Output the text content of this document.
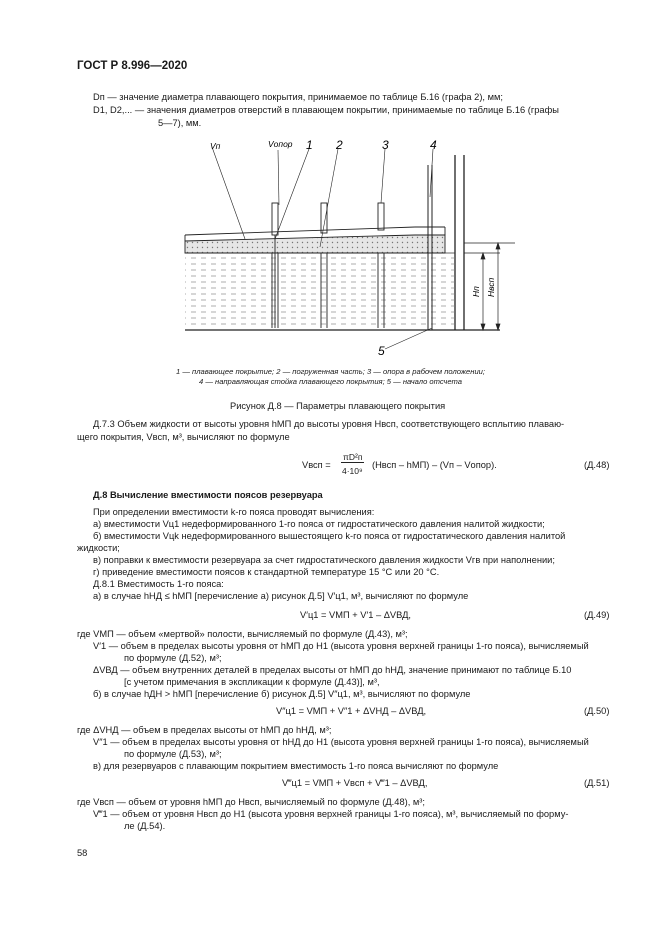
ГОСТ Р 8.996—2020
Dп — значение диаметра плавающего покрытия, принимаемое по таблице Б.16 (графа 2), мм;
D1, D2,... — значения диаметров отверстий в плавающем покрытии, принимаемые по таблице Б.16 (графы
5—7), мм.
Vп	Vопор 1 2	3	4
5
Hп Hвсп
1 — плавающее покрытие; 2 — погруженная часть; 3 — опора в рабочем положении;
4 — направляющая стойка плавающего покрытия; 5 — начало отсчета
Рисунок Д.8 — Параметры плавающего покрытия
Д.7.3 Объем жидкости от высоты уровня hМП до высоты уровня Hвсп, соответствующего всплытию плаваю-
щего покрытия, Vвсп, м³, вычисляют по формуле
Vвсп =
πD²п
4·10⁹
(Hвсп – hМП) – (Vп – Vопор).	(Д.48)
Д.8 Вычисление вместимости поясов резервуара
При определении вместимости k-го пояса проводят вычисления:
а) вместимости Vц1 недеформированного 1-го пояса от гидростатического давления налитой жидкости;
б) вместимости Vцk недеформированного вышестоящего k-го пояса от гидростатического давления налитой
жидкости;
в) поправки к вместимости резервуара за счет гидростатического давления жидкости Vгв при наполнении;
г) приведение вместимости поясов к стандартной температуре 15 °С или 20 °С.
Д.8.1 Вместимость 1-го пояса:
а) в случае hНД ≤ hМП [перечисление а) рисунок Д.5] V′ц1, м³, вычисляют по формуле
V′ц1 = VМП + V′1 – ΔVВД,	(Д.49)
где VМП — объем «мертвой» полости, вычисляемый по формуле (Д.43), м³;
V′1 — объем в пределах высоты уровня от hМП до H1 (высота уровня верхней границы 1-го пояса), вычисляемый
по формуле (Д.52), м³;
ΔVВД — объем внутренних деталей в пределах высоты от hМП до hНД, значение принимают по таблице Б.10
[с учетом примечания в экспликации к формуле (Д.43)], м³,
б) в случае hДН > hМП [перечисление б) рисунок Д.5] V″ц1, м³, вычисляют по формуле
V″ц1 = VМП + V″1 + ΔVНД – ΔVВД,	(Д.50)
где ΔVНД — объем в пределах высоты от hМП до hНД, м³;
V″1 — объем в пределах высоты уровня от hНД до H1 (высота уровня верхней границы 1-го пояса), вычисляемый
по формуле (Д.53), м³;
в) для резервуаров с плавающим покрытием вместимость 1-го пояса вычисляют по формуле
V‴ц1 = VМП + Vвсп + V‴1 – ΔVВД,	(Д.51)
где Vвсп — объем от уровня hМП до Hвсп, вычисляемый по формуле (Д.48), м³;
V‴1 — объем от уровня Hвсп до H1 (высота уровня верхней границы 1-го пояса), м³, вычисляемый по форму-
ле (Д.54).
58
